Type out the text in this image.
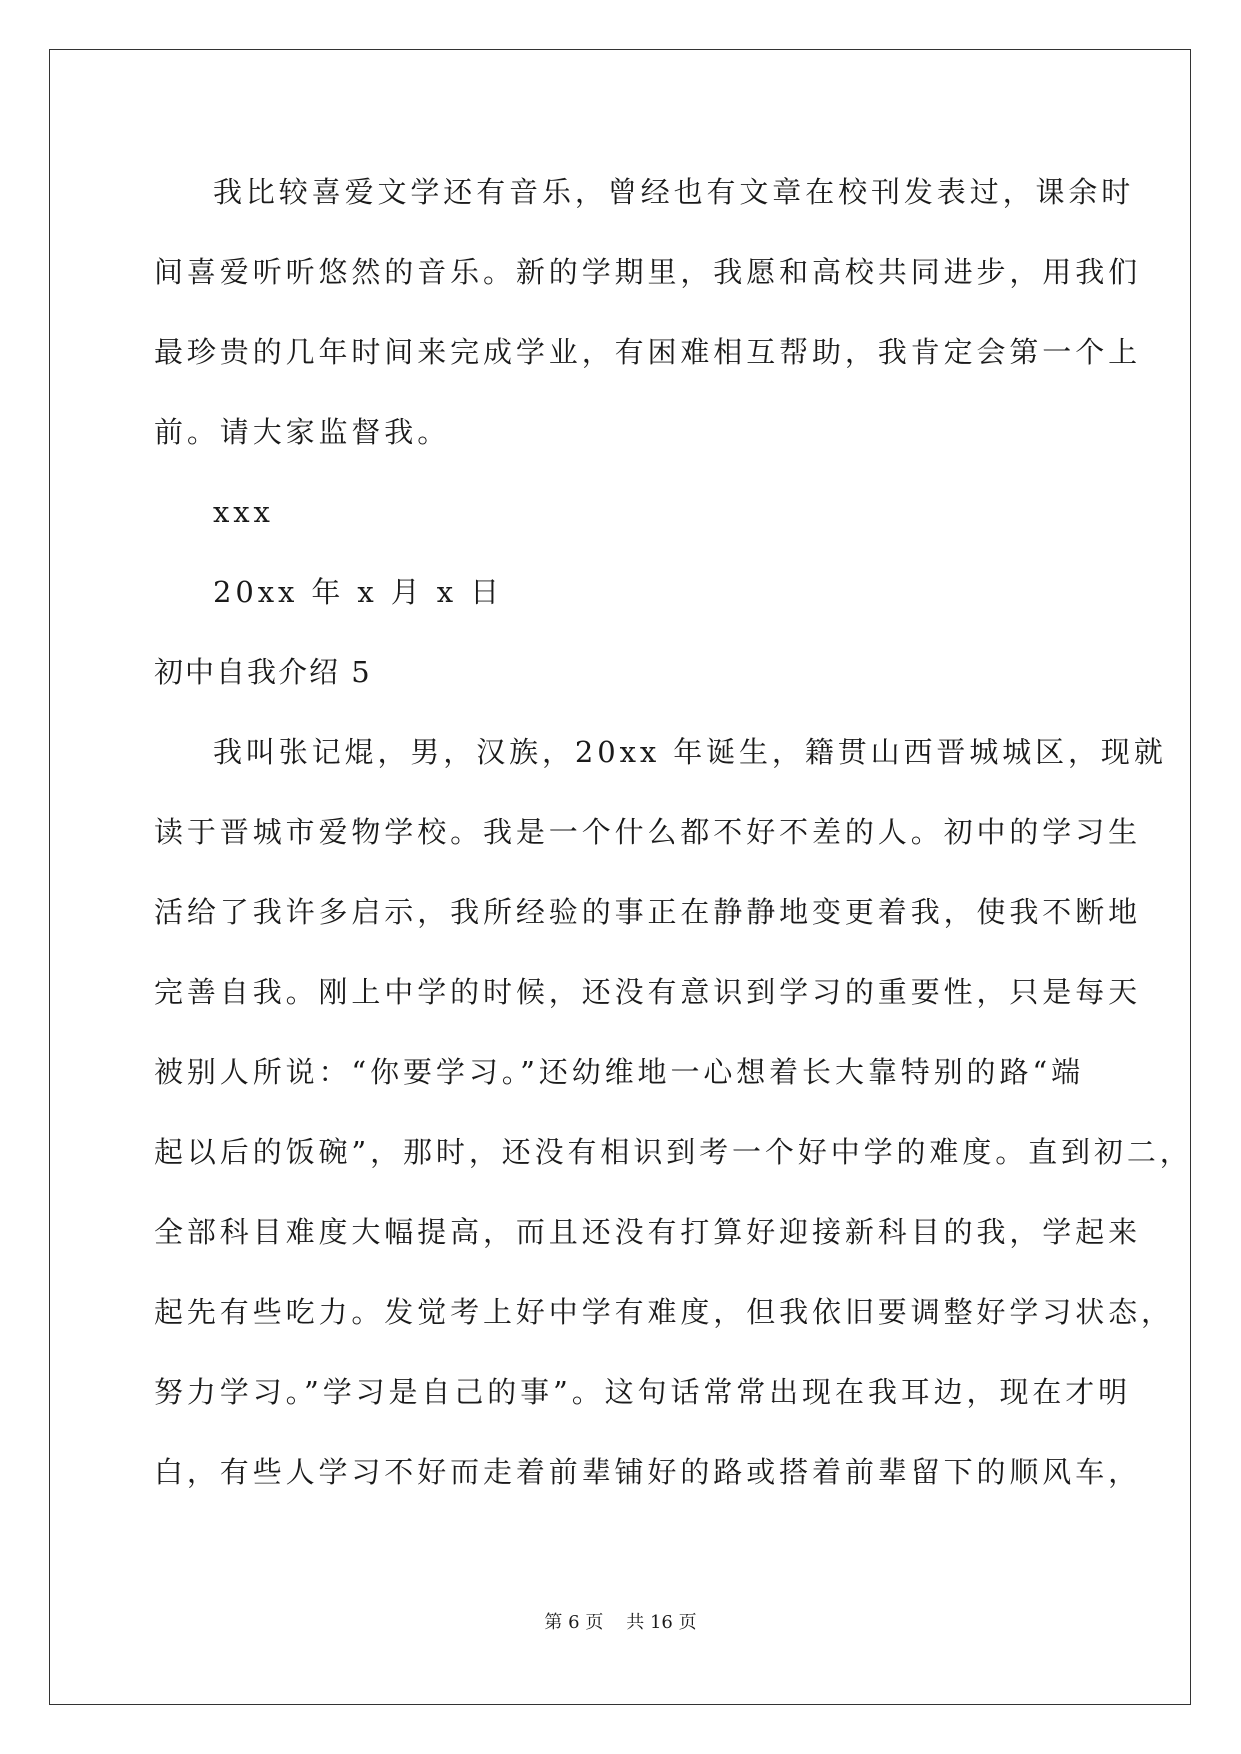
我比较喜爱文学还有音乐，曾经也有文章在校刊发表过，课余时
间喜爱听听悠然的音乐。新的学期里，我愿和高校共同进步，用我们
最珍贵的几年时间来完成学业，有困难相互帮助，我肯定会第一个上
前。请大家监督我。
xxx
20xx 年 x 月 x 日
初中自我介绍 5
我叫张记焜，男，汉族，20xx 年诞生，籍贯山西晋城城区，现就
读于晋城市爱物学校。我是一个什么都不好不差的人。初中的学习生
活给了我许多启示，我所经验的事正在静静地变更着我，使我不断地
完善自我。刚上中学的时候，还没有意识到学习的重要性，只是每天
被别人所说：“你要学习。”还幼维地一心想着长大靠特别的路“端
起以后的饭碗”，那时，还没有相识到考一个好中学的难度。直到初二，
全部科目难度大幅提高，而且还没有打算好迎接新科目的我，学起来
起先有些吃力。发觉考上好中学有难度，但我依旧要调整好学习状态，
努力学习。”学习是自己的事”。这句话常常出现在我耳边，现在才明
白，有些人学习不好而走着前辈铺好的路或搭着前辈留下的顺风车，
第 6 页 共 16 页
